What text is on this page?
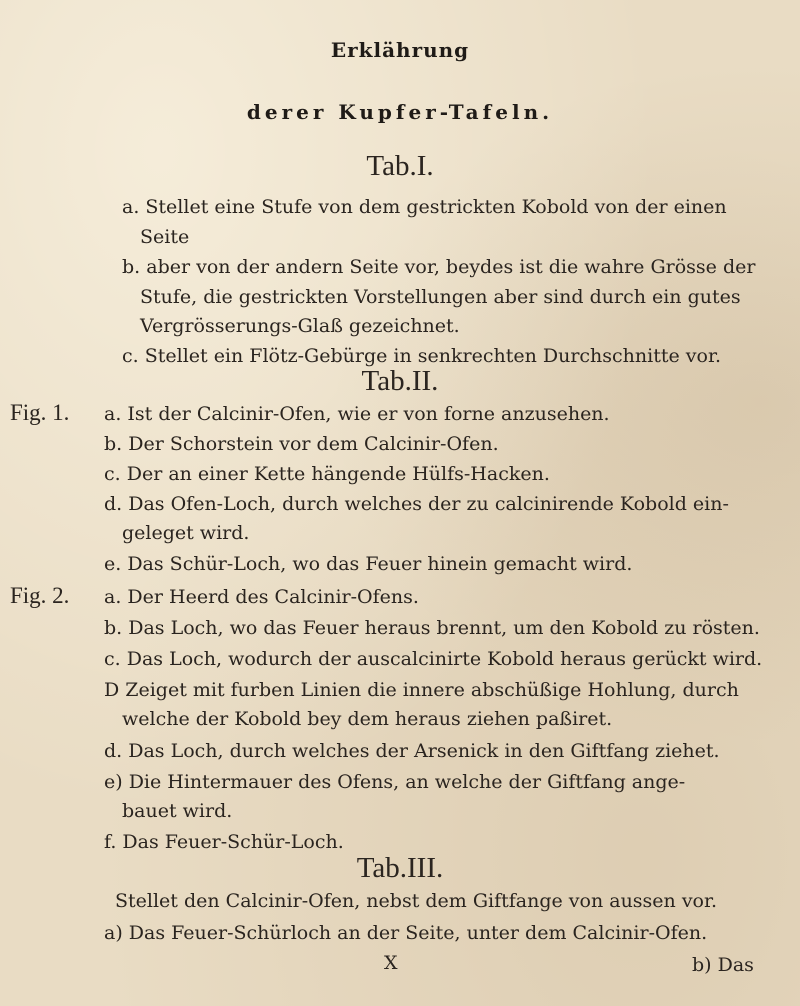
Erklährung
derer Kupfer-Tafeln.
Tab.I.
a. Stellet eine Stufe von dem gestrickten Kobold von der einen
Seite
b. aber von der andern Seite vor, beydes ist die wahre Grösse der
Stufe, die gestrickten Vorstellungen aber sind durch ein gutes
Vergrösserungs-Glaß gezeichnet.
c. Stellet ein Flötz-Gebürge in senkrechten Durchschnitte vor.
Tab.II.
Fig. 1. a. Ist der Calcinir-Ofen, wie er von forne anzusehen.
b. Der Schorstein vor dem Calcinir-Ofen.
c. Der an einer Kette hängende Hülfs-Hacken.
d. Das Ofen-Loch, durch welches der zu calcinirende Kobold ein-
geleget wird.
e. Das Schür-Loch, wo das Feuer hinein gemacht wird.
Fig. 2. a. Der Heerd des Calcinir-Ofens.
b. Das Loch, wo das Feuer heraus brennt, um den Kobold zu rösten.
c. Das Loch, wodurch der auscalcinirte Kobold heraus gerückt wird.
D Zeiget mit furben Linien die innere abschüßige Hohlung, durch
welche der Kobold bey dem heraus ziehen paßiret.
d. Das Loch, durch welches der Arsenick in den Giftfang ziehet.
e) Die Hintermauer des Ofens, an welche der Giftfang ange-
bauet wird.
f. Das Feuer-Schür-Loch.
Tab.III.
Stellet den Calcinir-Ofen, nebst dem Giftfange von aussen vor.
a) Das Feuer-Schürloch an der Seite, unter dem Calcinir-Ofen.
X	b) Das
